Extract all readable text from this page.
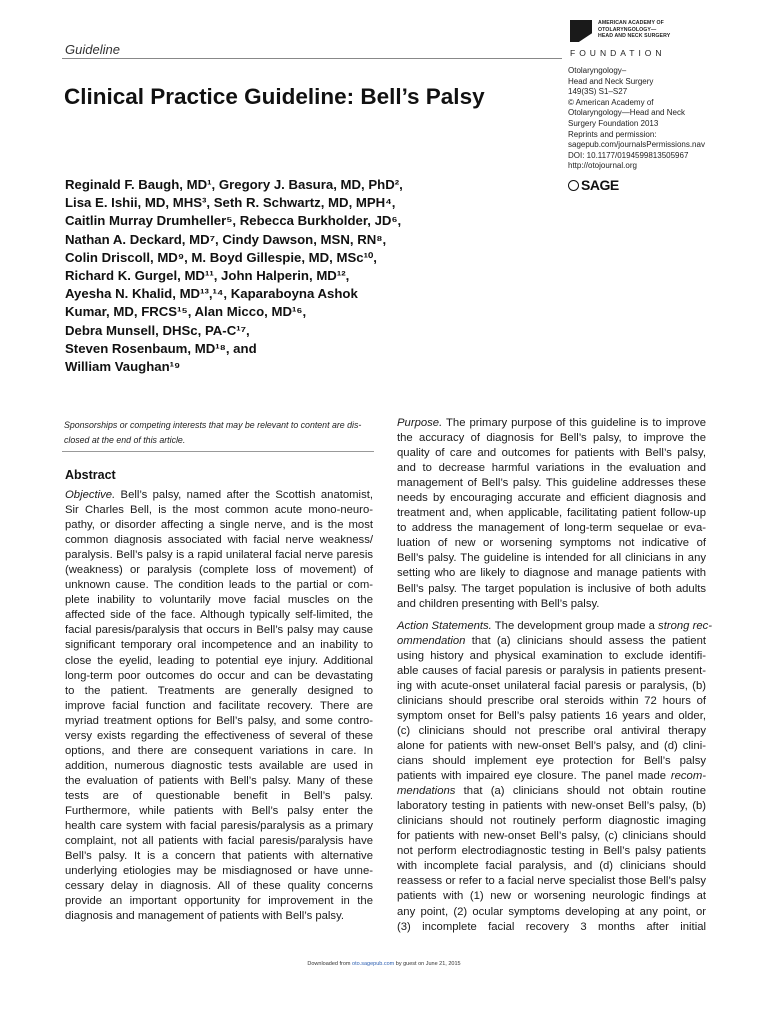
Guideline
Clinical Practice Guideline: Bell’s Palsy
AMERICAN ACADEMY OF
OTOLARYNGOLOGY—
HEAD AND NECK SURGERY
FOUNDATION
Otolaryngology–
Head and Neck Surgery
149(3S) S1–S27
© American Academy of
Otolaryngology—Head and Neck
Surgery Foundation 2013
Reprints and permission:
sagepub.com/journalsPermissions.nav
DOI: 10.1177/0194599813505967
http://otojournal.org
SAGE
Reginald F. Baugh, MD¹, Gregory J. Basura, MD, PhD²,
Lisa E. Ishii, MD, MHS³, Seth R. Schwartz, MD, MPH⁴,
Caitlin Murray Drumheller⁵, Rebecca Burkholder, JD⁶,
Nathan A. Deckard, MD⁷, Cindy Dawson, MSN, RN⁸,
Colin Driscoll, MD⁹, M. Boyd Gillespie, MD, MSc¹⁰,
Richard K. Gurgel, MD¹¹, John Halperin, MD¹²,
Ayesha N. Khalid, MD¹³,¹⁴, Kaparaboyna Ashok
Kumar, MD, FRCS¹⁵, Alan Micco, MD¹⁶,
Debra Munsell, DHSc, PA-C¹⁷,
Steven Rosenbaum, MD¹⁸, and
William Vaughan¹⁹
Sponsorships or competing interests that may be relevant to content are dis-
closed at the end of this article.
Abstract
Objective. Bell’s palsy, named after the Scottish anatomist,
Sir Charles Bell, is the most common acute mono-neuro-
pathy, or disorder affecting a single nerve, and is the most
common diagnosis associated with facial nerve weakness/
paralysis. Bell’s palsy is a rapid unilateral facial nerve paresis
(weakness) or paralysis (complete loss of movement) of
unknown cause. The condition leads to the partial or com-
plete inability to voluntarily move facial muscles on the
affected side of the face. Although typically self-limited, the
facial paresis/paralysis that occurs in Bell’s palsy may cause
significant temporary oral incompetence and an inability to
close the eyelid, leading to potential eye injury. Additional
long-term poor outcomes do occur and can be devastating
to the patient. Treatments are generally designed to
improve facial function and facilitate recovery. There are
myriad treatment options for Bell’s palsy, and some contro-
versy exists regarding the effectiveness of several of these
options, and there are consequent variations in care. In
addition, numerous diagnostic tests available are used in
the evaluation of patients with Bell’s palsy. Many of these
tests are of questionable benefit in Bell’s palsy.
Furthermore, while patients with Bell’s palsy enter the
health care system with facial paresis/paralysis as a primary
complaint, not all patients with facial paresis/paralysis have
Bell’s palsy. It is a concern that patients with alternative
underlying etiologies may be misdiagnosed or have unne-
cessary delay in diagnosis. All of these quality concerns
provide an important opportunity for improvement in the
diagnosis and management of patients with Bell’s palsy.
Purpose. The primary purpose of this guideline is to improve
the accuracy of diagnosis for Bell’s palsy, to improve the
quality of care and outcomes for patients with Bell’s palsy,
and to decrease harmful variations in the evaluation and
management of Bell’s palsy. This guideline addresses these
needs by encouraging accurate and efficient diagnosis and
treatment and, when applicable, facilitating patient follow-up
to address the management of long-term sequelae or eva-
luation of new or worsening symptoms not indicative of
Bell’s palsy. The guideline is intended for all clinicians in any
setting who are likely to diagnose and manage patients with
Bell’s palsy. The target population is inclusive of both adults
and children presenting with Bell’s palsy.
Action Statements. The development group made a strong rec-
ommendation that (a) clinicians should assess the patient
using history and physical examination to exclude identifi-
able causes of facial paresis or paralysis in patients present-
ing with acute-onset unilateral facial paresis or paralysis, (b)
clinicians should prescribe oral steroids within 72 hours of
symptom onset for Bell’s palsy patients 16 years and older,
(c) clinicians should not prescribe oral antiviral therapy
alone for patients with new-onset Bell’s palsy, and (d) clini-
cians should implement eye protection for Bell’s palsy
patients with impaired eye closure. The panel made recom-
mendations that (a) clinicians should not obtain routine
laboratory testing in patients with new-onset Bell’s palsy, (b)
clinicians should not routinely perform diagnostic imaging
for patients with new-onset Bell’s palsy, (c) clinicians should
not perform electrodiagnostic testing in Bell’s palsy patients
with incomplete facial paralysis, and (d) clinicians should
reassess or refer to a facial nerve specialist those Bell’s palsy
patients with (1) new or worsening neurologic findings at
any point, (2) ocular symptoms developing at any point, or
(3) incomplete facial recovery 3 months after initial
Downloaded from oto.sagepub.com by guest on June 21, 2015
